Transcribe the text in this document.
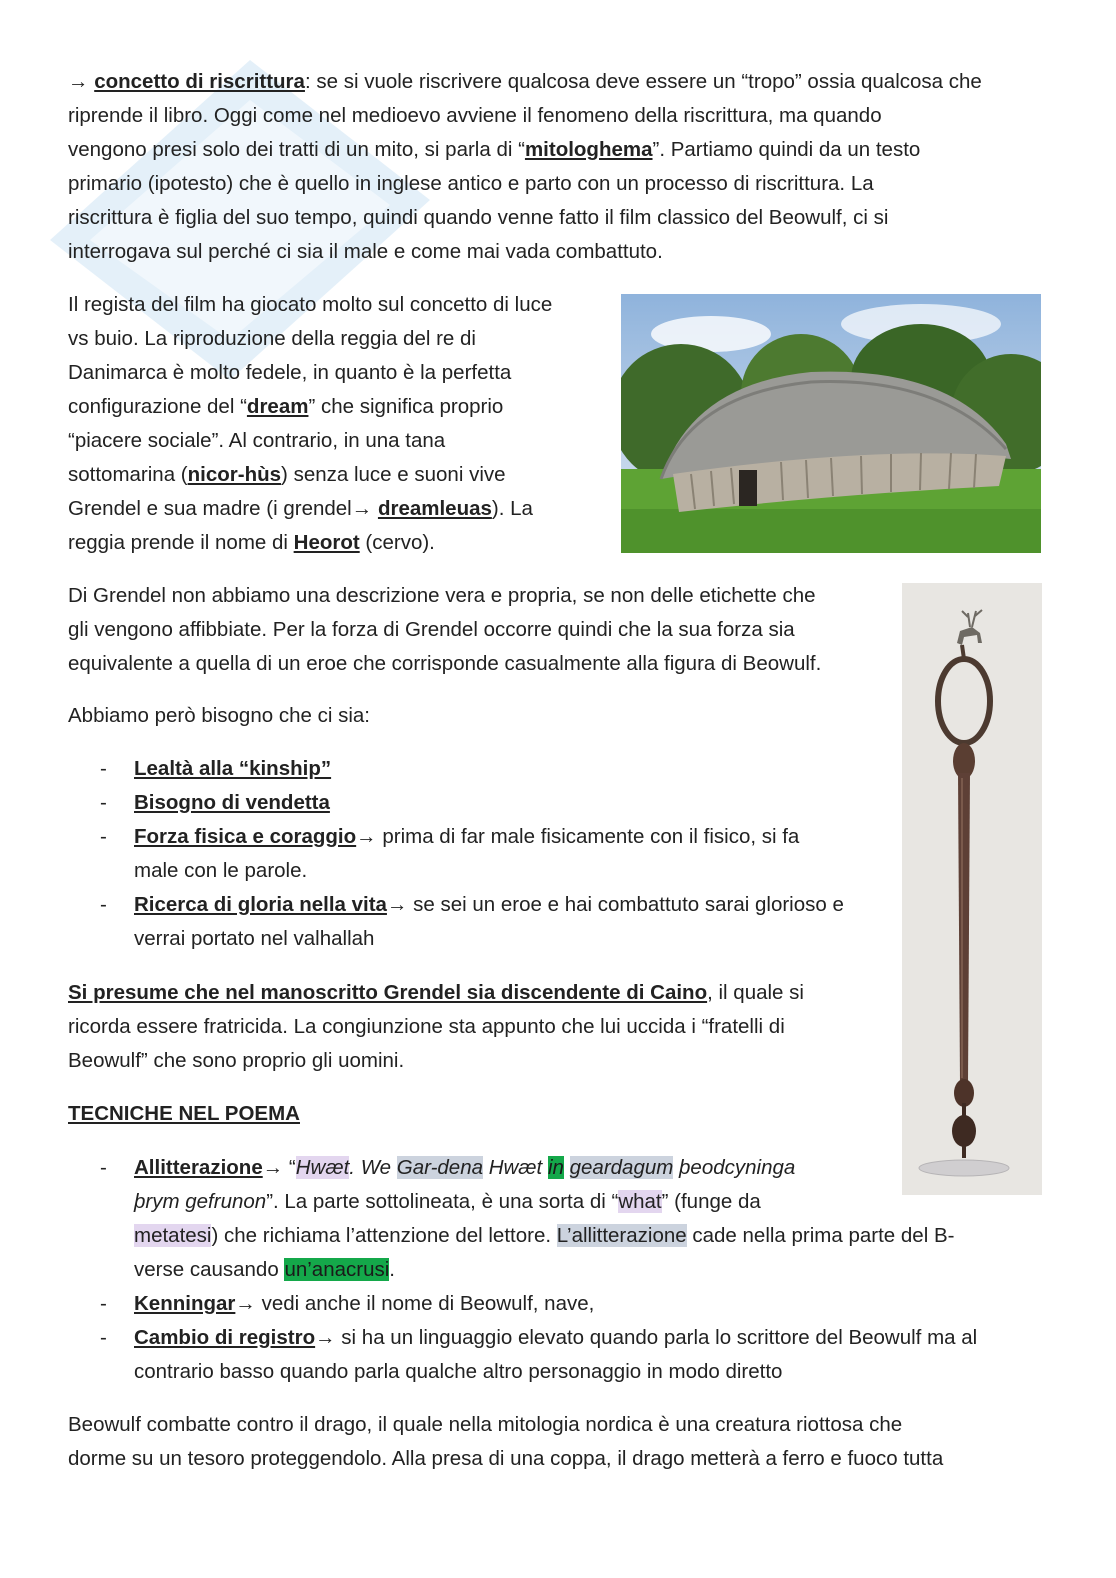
→ concetto di riscrittura: se si vuole riscrivere qualcosa deve essere un “tropo” ossia qualcosa che
riprende il libro. Oggi come nel medioevo avviene il fenomeno della riscrittura, ma quando
vengono presi solo dei tratti di un mito, si parla di “mitologhema”. Partiamo quindi da un testo
primario (ipotesto) che è quello in inglese antico e parto con un processo di riscrittura. La
riscrittura è figlia del suo tempo, quindi quando venne fatto il film classico del Beowulf, ci si
interrogava sul perché ci sia il male e come mai vada combattuto.
Il regista del film ha giocato molto sul concetto di luce
vs buio. La riproduzione della reggia del re di
Danimarca è molto fedele, in quanto è la perfetta
configurazione del “dream” che significa proprio
“piacere sociale”. Al contrario, in una tana
sottomarina (nicor-hùs) senza luce e suoni vive
Grendel e sua madre (i grendel→ dreamleuas). La
reggia prende il nome di Heorot (cervo).
Di Grendel non abbiamo una descrizione vera e propria, se non delle etichette che
gli vengono affibbiate. Per la forza di Grendel occorre quindi che la sua forza sia
equivalente a quella di un eroe che corrisponde casualmente alla figura di Beowulf.
Abbiamo però bisogno che ci sia:
- Lealtà alla “kinship”
- Bisogno di vendetta
- Forza fisica e coraggio→ prima di far male fisicamente con il fisico, si fa
male con le parole.
- Ricerca di gloria nella vita→ se sei un eroe e hai combattuto sarai glorioso e
verrai portato nel valhallah
Si presume che nel manoscritto Grendel sia discendente di Caino, il quale si
ricorda essere fratricida. La congiunzione sta appunto che lui uccida i “fratelli di
Beowulf” che sono proprio gli uomini.
TECNICHE NEL POEMA
- Allitterazione→ “Hwæt. We Gar-dena Hwæt in geardagum þeodcyninga
þrym gefrunon”. La parte sottolineata, è una sorta di “what” (funge da
metatesi) che richiama l’attenzione del lettore. L’allitterazione cade nella prima parte del B-
verse causando un’anacrusi.
- Kenningar→ vedi anche il nome di Beowulf, nave,
- Cambio di registro→ si ha un linguaggio elevato quando parla lo scrittore del Beowulf ma al
contrario basso quando parla qualche altro personaggio in modo diretto
Beowulf combatte contro il drago, il quale nella mitologia nordica è una creatura riottosa che
dorme su un tesoro proteggendolo. Alla presa di una coppa, il drago metterà a ferro e fuoco tutta
